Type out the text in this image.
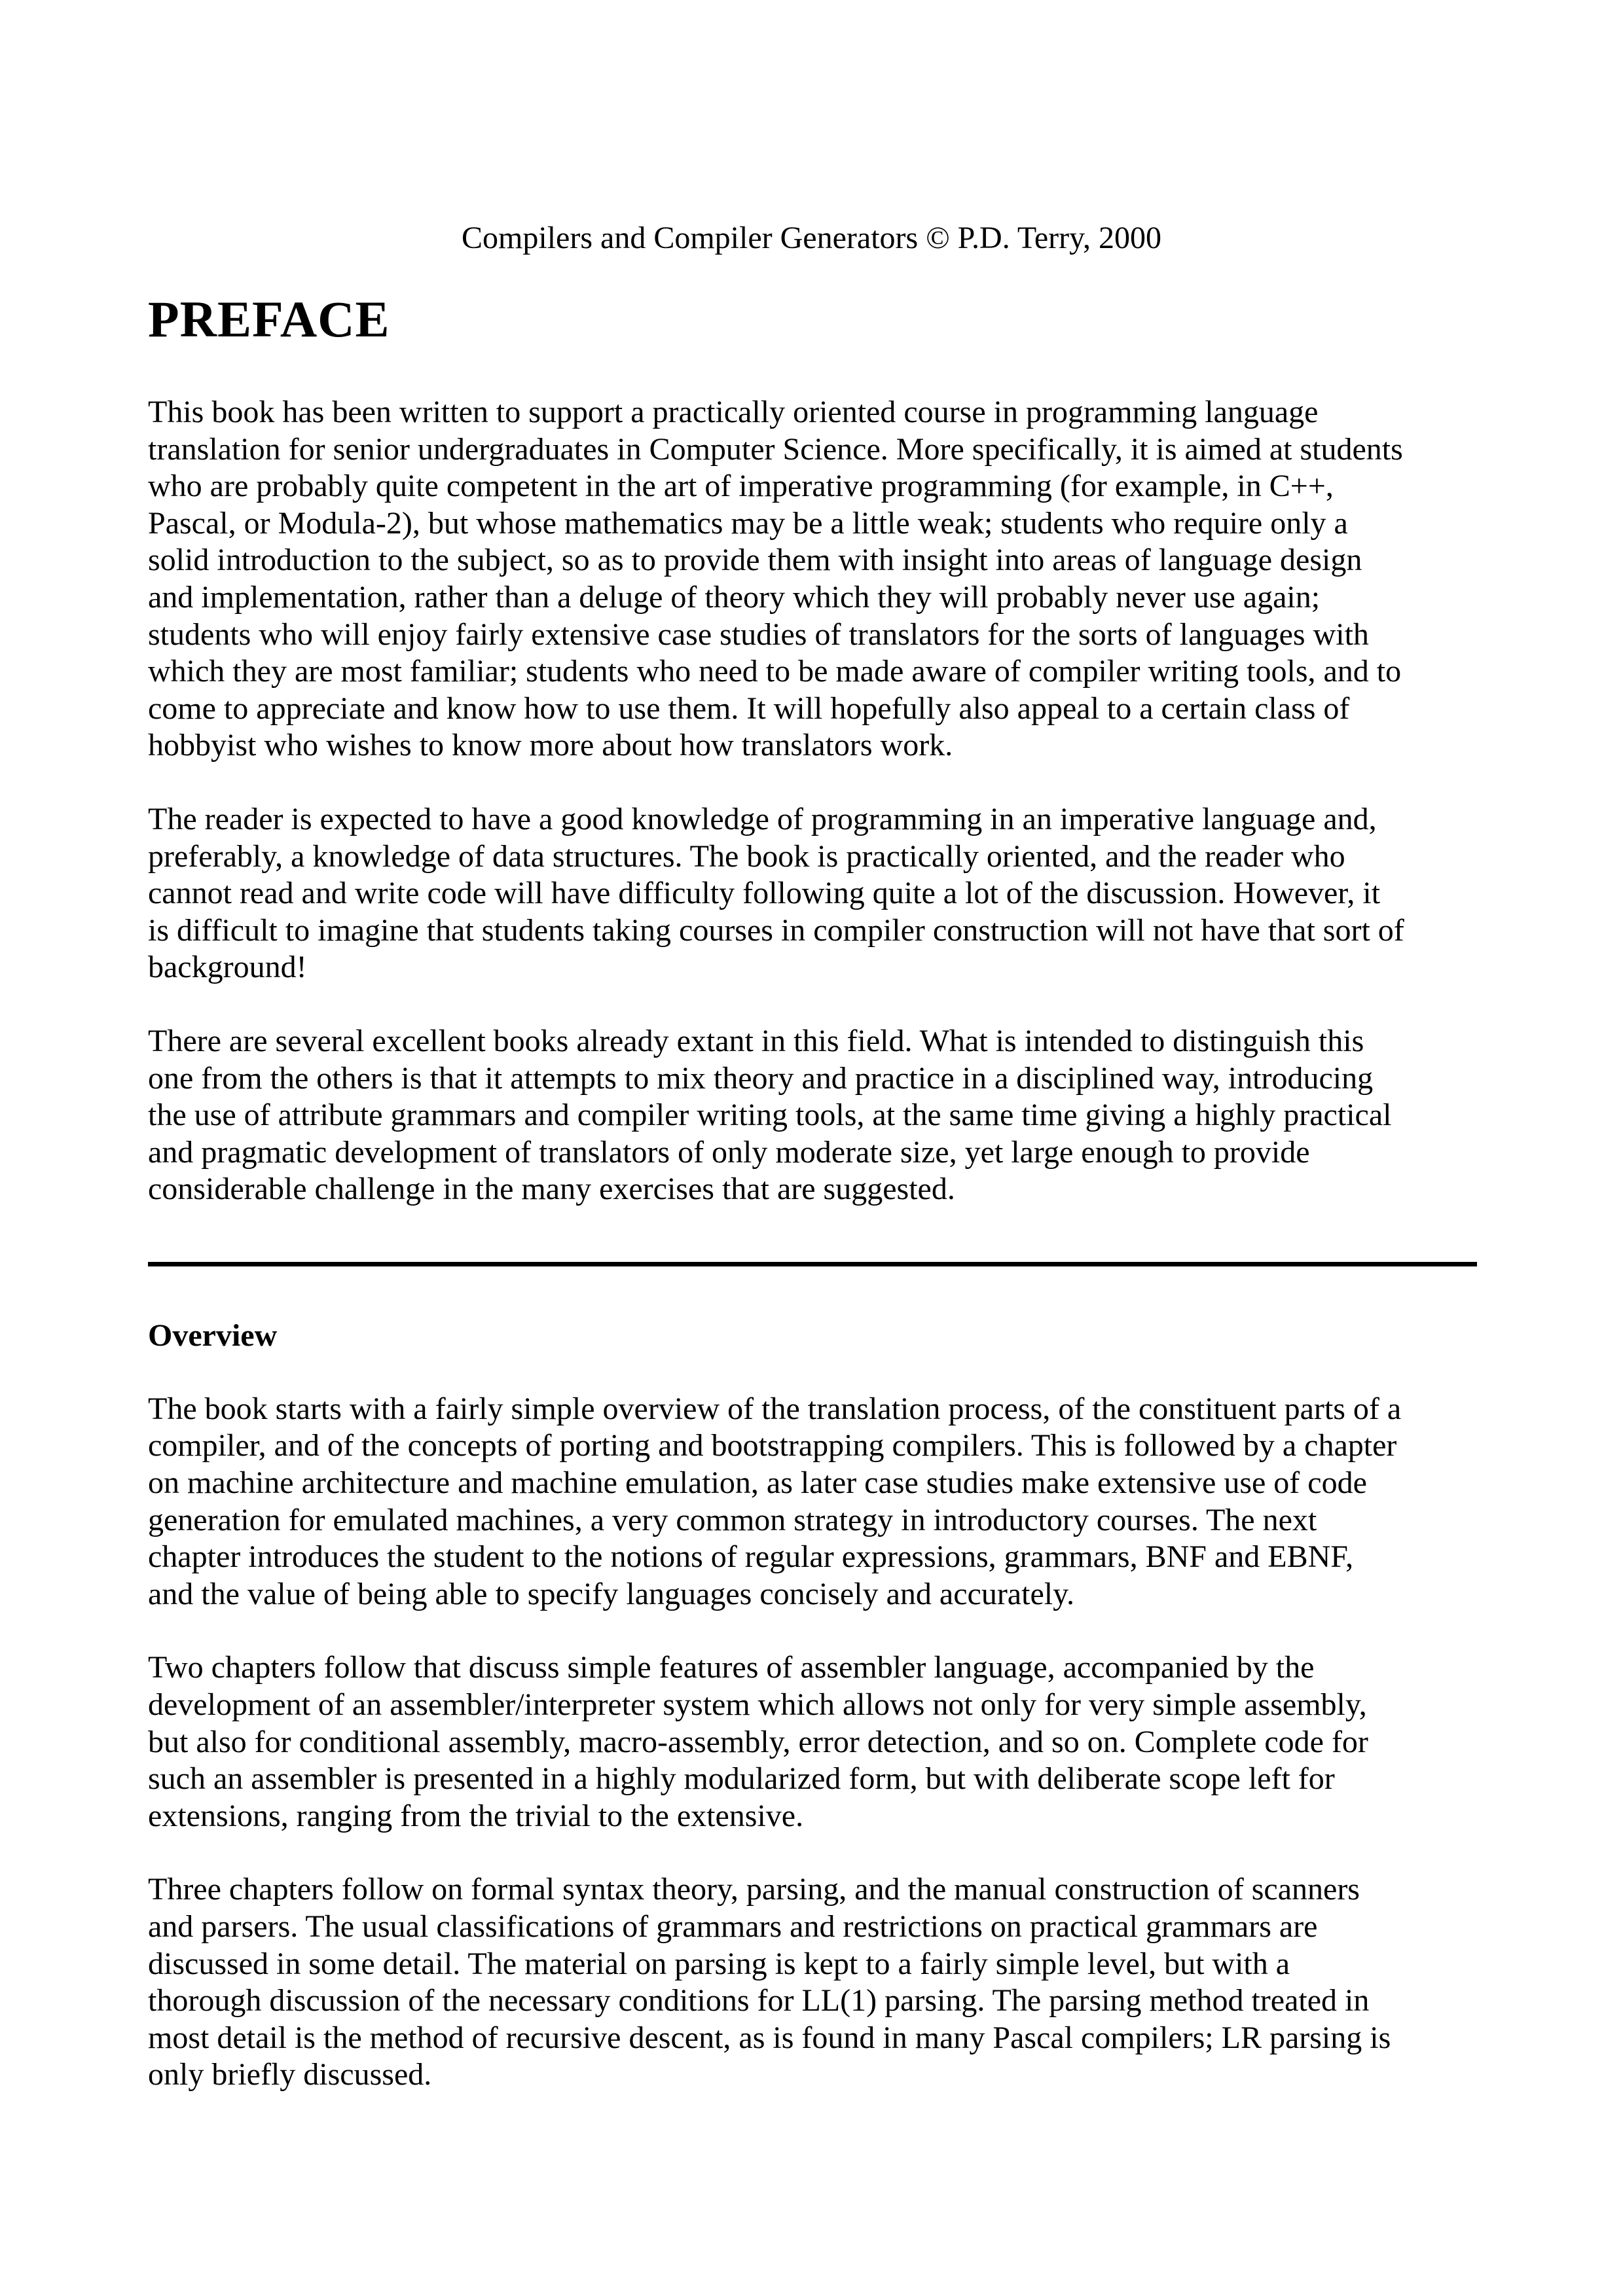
Compilers and Compiler Generators © P.D. Terry, 2000
PREFACE

This book has been written to support a practically oriented course in programming language
translation for senior undergraduates in Computer Science. More specifically, it is aimed at students
who are probably quite competent in the art of imperative programming (for example, in C++,
Pascal, or Modula-2), but whose mathematics may be a little weak; students who require only a
solid introduction to the subject, so as to provide them with insight into areas of language design
and implementation, rather than a deluge of theory which they will probably never use again;
students who will enjoy fairly extensive case studies of translators for the sorts of languages with
which they are most familiar; students who need to be made aware of compiler writing tools, and to
come to appreciate and know how to use them. It will hopefully also appeal to a certain class of
hobbyist who wishes to know more about how translators work.

The reader is expected to have a good knowledge of programming in an imperative language and,
preferably, a knowledge of data structures. The book is practically oriented, and the reader who
cannot read and write code will have difficulty following quite a lot of the discussion. However, it
is difficult to imagine that students taking courses in compiler construction will not have that sort of
background!

There are several excellent books already extant in this field. What is intended to distinguish this
one from the others is that it attempts to mix theory and practice in a disciplined way, introducing
the use of attribute grammars and compiler writing tools, at the same time giving a highly practical
and pragmatic development of translators of only moderate size, yet large enough to provide
considerable challenge in the many exercises that are suggested.

Overview

The book starts with a fairly simple overview of the translation process, of the constituent parts of a
compiler, and of the concepts of porting and bootstrapping compilers. This is followed by a chapter
on machine architecture and machine emulation, as later case studies make extensive use of code
generation for emulated machines, a very common strategy in introductory courses. The next
chapter introduces the student to the notions of regular expressions, grammars, BNF and EBNF,
and the value of being able to specify languages concisely and accurately.

Two chapters follow that discuss simple features of assembler language, accompanied by the
development of an assembler/interpreter system which allows not only for very simple assembly,
but also for conditional assembly, macro-assembly, error detection, and so on. Complete code for
such an assembler is presented in a highly modularized form, but with deliberate scope left for
extensions, ranging from the trivial to the extensive.

Three chapters follow on formal syntax theory, parsing, and the manual construction of scanners
and parsers. The usual classifications of grammars and restrictions on practical grammars are
discussed in some detail. The material on parsing is kept to a fairly simple level, but with a
thorough discussion of the necessary conditions for LL(1) parsing. The parsing method treated in
most detail is the method of recursive descent, as is found in many Pascal compilers; LR parsing is
only briefly discussed.
